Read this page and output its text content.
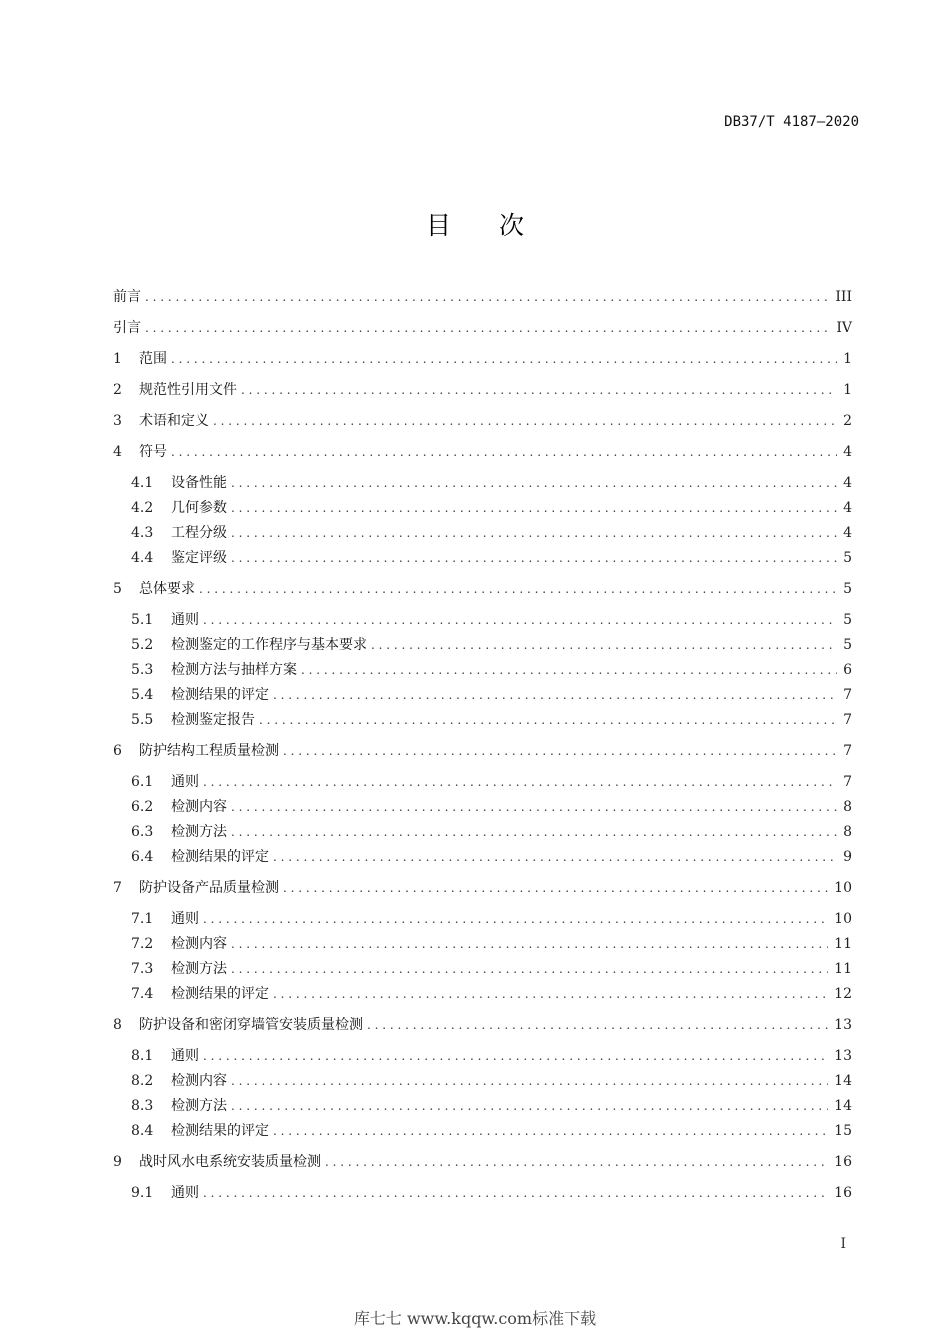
DB37/T 4187—2020
目 次
前言 . . .	III
引言 . . .	IV
1	范围 . . .	1
2	规范性引用文件 . . .	1
3	术语和定义 . . .	2
4	符号 . . .	4
4.1	设备性能 . . .	4
4.2	几何参数 . . .	4
4.3	工程分级 . . .	4
4.4	鉴定评级 . . .	5
5	总体要求 . . .	5
5.1	通则 . . .	5
5.2	检测鉴定的工作程序与基本要求 . . .	5
5.3	检测方法与抽样方案 . . .	6
5.4	检测结果的评定 . . .	7
5.5	检测鉴定报告 . . .	7
6	防护结构工程质量检测 . . .	7
6.1	通则 . . .	7
6.2	检测内容 . . .	8
6.3	检测方法 . . .	8
6.4	检测结果的评定 . . .	9
7	防护设备产品质量检测 . . .	10
7.1	通则 . . .	10
7.2	检测内容 . . .	11
7.3	检测方法 . . .	11
7.4	检测结果的评定 . . .	12
8	防护设备和密闭穿墙管安装质量检测 . . .	13
8.1	通则 . . .	13
8.2	检测内容 . . .	14
8.3	检测方法 . . .	14
8.4	检测结果的评定 . . .	15
9	战时风水电系统安装质量检测 . . .	16
9.1	通则 . . .	16
I
库七七 www.kqqw.com标准下载
